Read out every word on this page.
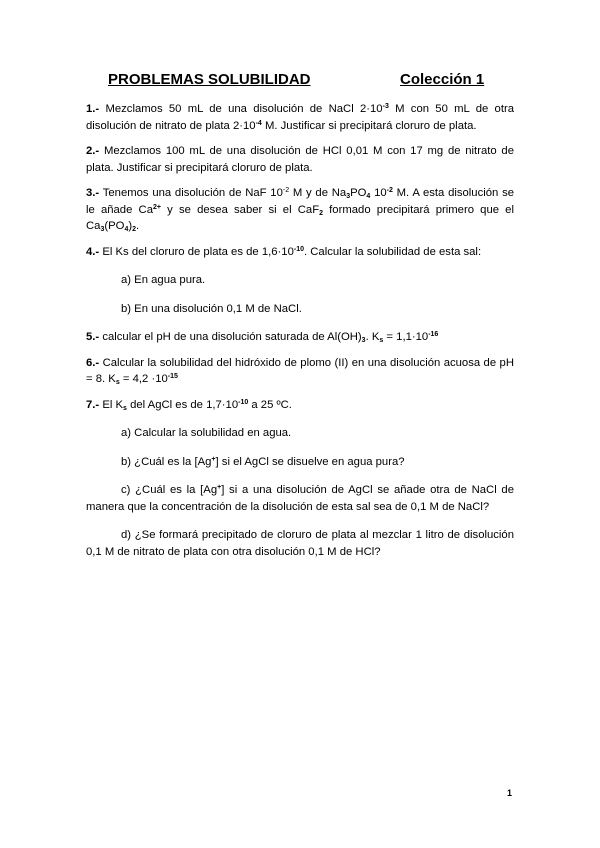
PROBLEMAS SOLUBILIDAD	Colección 1

1.- Mezclamos 50 mL de una disolución de NaCl $2\cdot 10^{-3}$ M con 50 mL de otra disolución de nitrato de plata $2\cdot 10^{-4}$ M. Justificar si precipitará cloruro de plata.

2.- Mezclamos 100 mL de una disolución de HCl 0,01 M con 17 mg de nitrato de plata. Justificar si precipitará cloruro de plata.

3.- Tenemos una disolución de NaF $10^{-2}$ M y de $Na_3PO_4$ $10^{-2}$ M. A esta disolución se le añade $Ca^{2+}$ y se desea saber si el CaF$_2$ formado precipitará primero que el $Ca_3(PO_4)_2$.

4.- El Ks del cloruro de plata es de $1,6\cdot 10^{-10}$. Calcular la solubilidad de esta sal:

a) En agua pura.

b) En una disolución 0,1 M de NaCl.

5.- calcular el pH de una disolución saturada de $Al(OH)_3$. $K_s = 1,1\cdot 10^{-16}$

6.- Calcular la solubilidad del hidróxido de plomo (II) en una disolución acuosa de pH = 8. $K_s = 4,2 \cdot 10^{-15}$

7.- El $K_s$ del AgCl es de $1,7\cdot 10^{-10}$ a 25 ºC.

a) Calcular la solubilidad en agua.

b) ¿Cuál es la [Ag+] si el AgCl se disuelve en agua pura?

c) ¿Cuál es la [Ag+] si a una disolución de AgCl se añade otra de NaCl de manera que la concentración de la disolución de esta sal sea de 0,1 M de NaCl?

d) ¿Se formará precipitado de cloruro de plata al mezclar 1 litro de disolución 0,1 M de nitrato de plata con otra disolución 0,1 M de HCl?

1
